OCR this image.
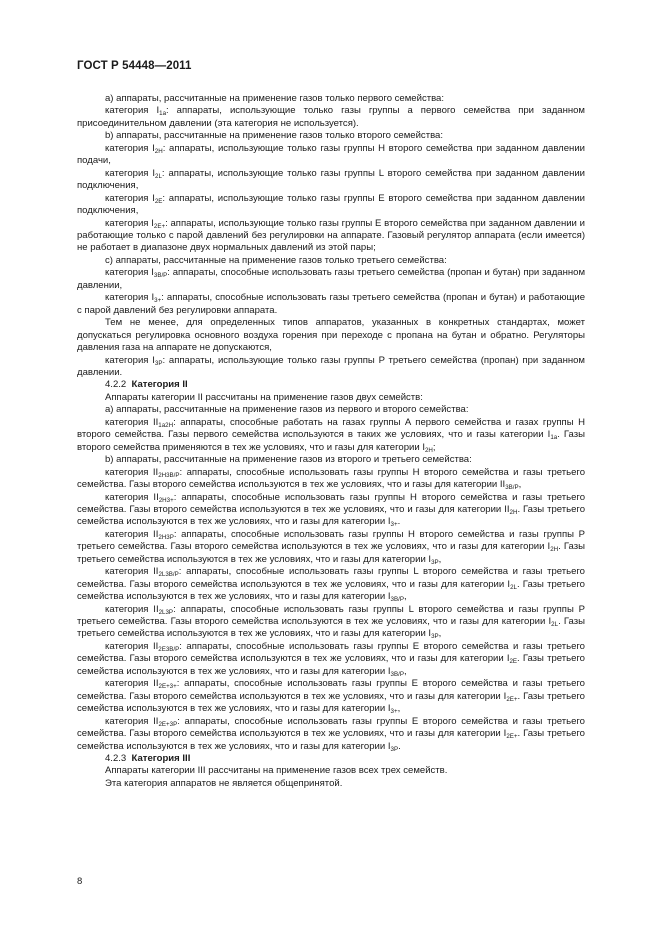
ГОСТ Р 54448—2011

a) аппараты, рассчитанные на применение газов только первого семейства:

категория $I_{1a}$: аппараты, использующие только газы группы а первого семейства при заданном присоединительном давлении (эта категория не используется).

b) аппараты, рассчитанные на применение газов только второго семейства:

категория $I_{2H}$: аппараты, использующие только газы группы H второго семейства при заданном давлении подачи,

категория $I_{2L}$: аппараты, использующие только газы группы L второго семейства при заданном давлении подключения,

категория $I_{2E}$: аппараты, использующие только газы группы E второго семейства при заданном давлении подключения,

категория $I_{2E+}$: аппараты, использующие только газы группы E второго семейства при заданном давлении и работающие только с парой давлений без регулировки на аппарате. Газовый регулятор аппарата (если имеется) не работает в диапазоне двух нормальных давлений из этой пары;

c) аппараты, рассчитанные на применение газов только третьего семейства:

категория $I_{3B/P}$: аппараты, способные использовать газы третьего семейства (пропан и бутан) при заданном давлении,

категория $I_{3+}$: аппараты, способные использовать газы третьего семейства (пропан и бутан) и работающие с парой давлений без регулировки аппарата.

Тем не менее, для определенных типов аппаратов, указанных в конкретных стандартах, может допускаться регулировка основного воздуха горения при переходе с пропана на бутан и обратно. Регуляторы давления газа на аппарате не допускаются,

категория $I_{3P}$: аппараты, использующие только газы группы P третьего семейства (пропан) при заданном давлении.

4.2.2  Категория II

Аппараты категории II рассчитаны на применение газов двух семейств:

a) аппараты, рассчитанные на применение газов из первого и второго семейства:

категория $II_{1a2H}$: аппараты, способные работать на газах группы A первого семейства и газах группы H второго семейства. Газы первого семейства используются в таких же условиях, что и газы категории $I_{1a}$. Газы второго семейства применяются в тех же условиях, что и газы для категории $I_{2H}$;

b) аппараты, рассчитанные на применение газов из второго и третьего семейства:

категория $II_{2H3B/P}$: аппараты, способные использовать газы группы H второго семейства и газы третьего семейства. Газы второго семейства используются в тех же условиях, что и газы для категории $II_{3B/P}$,

категория $II_{2H3+}$: аппараты, способные использовать газы группы H второго семейства и газы третьего семейства. Газы второго семейства используются в тех же условиях, что и газы для категории $II_{2H}$. Газы третьего семейства используются в тех же условиях, что и газы для категории $I_{3+}$.

категория $II_{2H3P}$: аппараты, способные использовать газы группы H второго семейства и газы группы P третьего семейства. Газы второго семейства используются в тех же условиях, что и газы для категории $I_{2H}$. Газы третьего семейства используются в тех же условиях, что и газы для категории $I_{3P}$,

категория $II_{2L3B/P}$: аппараты, способные использовать газы группы L второго семейства и газы третьего семейства. Газы второго семейства используются в тех же условиях, что и газы для категории $I_{2L}$. Газы третьего семейства используются в тех же условиях, что и газы для категории $I_{3B/P}$,

категория $II_{2L3P}$: аппараты, способные использовать газы группы L второго семейства и газы группы P третьего семейства. Газы второго семейства используются в тех же условиях, что и газы для категории $I_{2L}$. Газы третьего семейства используются в тех же условиях, что и газы для категории $I_{3P}$,

категория $II_{2E3B/P}$: аппараты, способные использовать газы группы E второго семейства и газы третьего семейства. Газы второго семейства используются в тех же условиях, что и газы для категории $I_{2E}$. Газы третьего семейства используются в тех же условиях, что и газы для категории $I_{3B/P}$,

категория $II_{2E+3+}$: аппараты, способные использовать газы группы E второго семейства и газы третьего семейства. Газы второго семейства используются в тех же условиях, что и газы для категории $I_{2E+}$. Газы третьего семейства используются в тех же условиях, что и газы для категории $I_{3+}$,

категория $II_{2E+3P}$: аппараты, способные использовать газы группы E второго семейства и газы третьего семейства. Газы второго семейства используются в тех же условиях, что и газы для категории $I_{2E+}$. Газы третьего семейства используются в тех же условиях, что и газы для категории $I_{3P}$.

4.2.3  Категория III

Аппараты категории III рассчитаны на применение газов всех трех семейств.

Эта категория аппаратов не является общепринятой.

8
